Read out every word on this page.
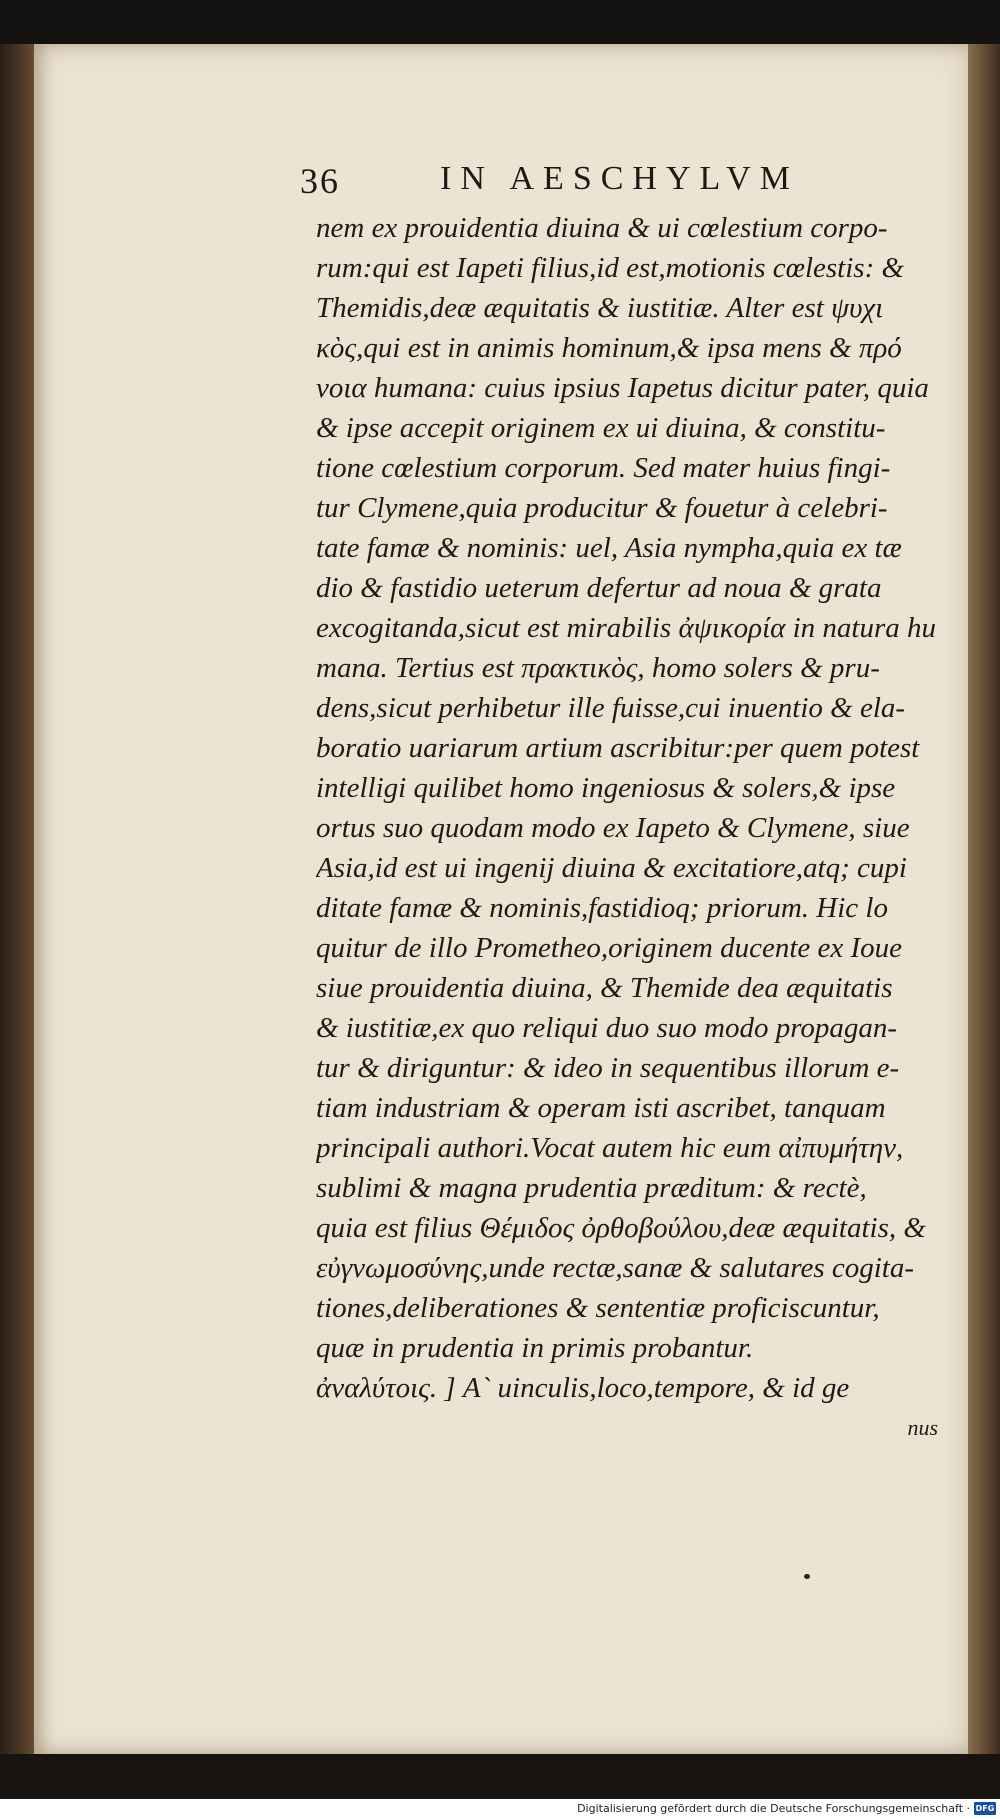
36	IN AESCHYLVM
nem ex prouidentia diuina & ui cœlestium corpo-
rum:qui est Iapeti filius,id est,motionis cœlestis: &
Themidis,deæ æquitatis & iustitiæ. Alter est ψυχι
κὸς,qui est in animis hominum,& ipsa mens & πρό
νοια humana: cuius ipsius Iapetus dicitur pater, quia
& ipse accepit originem ex ui diuina, & constitu-
tione cœlestium corporum. Sed mater huius fingi-
tur Clymene,quia producitur & fouetur à celebri-
tate famæ & nominis: uel, Asia nympha,quia ex tæ
dio & fastidio ueterum defertur ad noua & grata
excogitanda,sicut est mirabilis ἀψικορία in natura hu
mana. Tertius est πρακτικὸς, homo solers & pru-
dens,sicut perhibetur ille fuisse,cui inuentio & ela-
boratio uariarum artium ascribitur:per quem potest
intelligi quilibet homo ingeniosus & solers,& ipse
ortus suo quodam modo ex Iapeto & Clymene, siue
Asia,id est ui ingenij diuina & excitatiore,atq; cupi
ditate famæ & nominis,fastidioq; priorum. Hic lo
quitur de illo Prometheo,originem ducente ex Ioue
siue prouidentia diuina, & Themide dea æquitatis
& iustitiæ,ex quo reliqui duo suo modo propagan-
tur & diriguntur: & ideo in sequentibus illorum e-
tiam industriam & operam isti ascribet, tanquam
principali authori.Vocat autem hic eum αἰπυμήτην,
sublimi & magna prudentia præditum: & rectè,
quia est filius Θέμιδος ὀρθοβούλου,deæ æquitatis, &
εὐγνωμοσύνης,unde rectæ,sanæ & salutares cogita-
tiones,deliberationes & sententiæ proficiscuntur,
quæ in prudentia in primis probantur.
ἀναλύτοις. ] A` uinculis,loco,tempore, & id ge
nus
Digitalisierung gefördert durch die Deutsche Forschungsgemeinschaft · DFG
